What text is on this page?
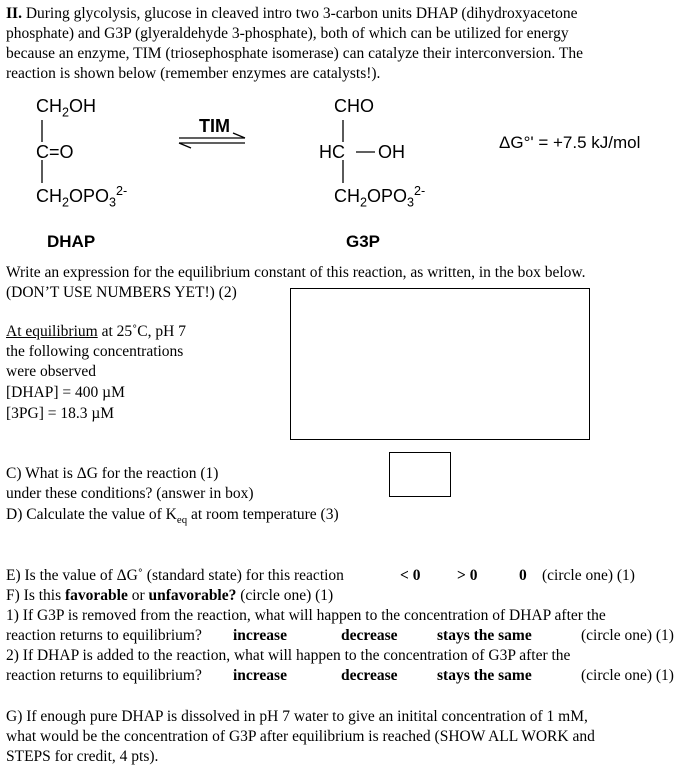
II. During glycolysis, glucose in cleaved intro two 3-carbon units DHAP (dihydroxyacetone
phosphate) and G3P (glyeraldehyde 3-phosphate), both of which can be utilized for energy
because an enzyme, TIM (triosephosphate isomerase) can catalyze their interconversion. The
reaction is shown below (remember enzymes are catalysts!).
$CH_2OH$
C=O
$CH_2OPO_3^{2-}$
DHAP
TIM
CHO
HC OH
$CH_2OPO_3^{2-}$
G3P
ΔG°' = +7.5 kJ/mol
Write an expression for the equilibrium constant of this reaction, as written, in the box below.
(DON’T USE NUMBERS YET!) (2)
At equilibrium at 25˚C, pH 7
the following concentrations
were observed
[DHAP] = 400 µM
[3PG] = 18.3 µM
C) What is ΔG for the reaction (1)
under these conditions? (answer in box)
D) Calculate the value of $K_{eq}$ at room temperature (3)
E) Is the value of ΔG˚ (standard state) for this reaction	< 0 > 0	0 (circle one) (1)
F) Is this favorable or unfavorable? (circle one) (1)
1) If G3P is removed from the reaction, what will happen to the concentration of DHAP after the
reaction returns to equilibrium? increase	decrease	stays the same	(circle one) (1)
2) If DHAP is added to the reaction, what will happen to the concentration of G3P after the
reaction returns to equilibrium? increase	decrease	stays the same	(circle one) (1)
G) If enough pure DHAP is dissolved in pH 7 water to give an initital concentration of 1 mM,
what would be the concentration of G3P after equilibrium is reached (SHOW ALL WORK and
STEPS for credit, 4 pts).
